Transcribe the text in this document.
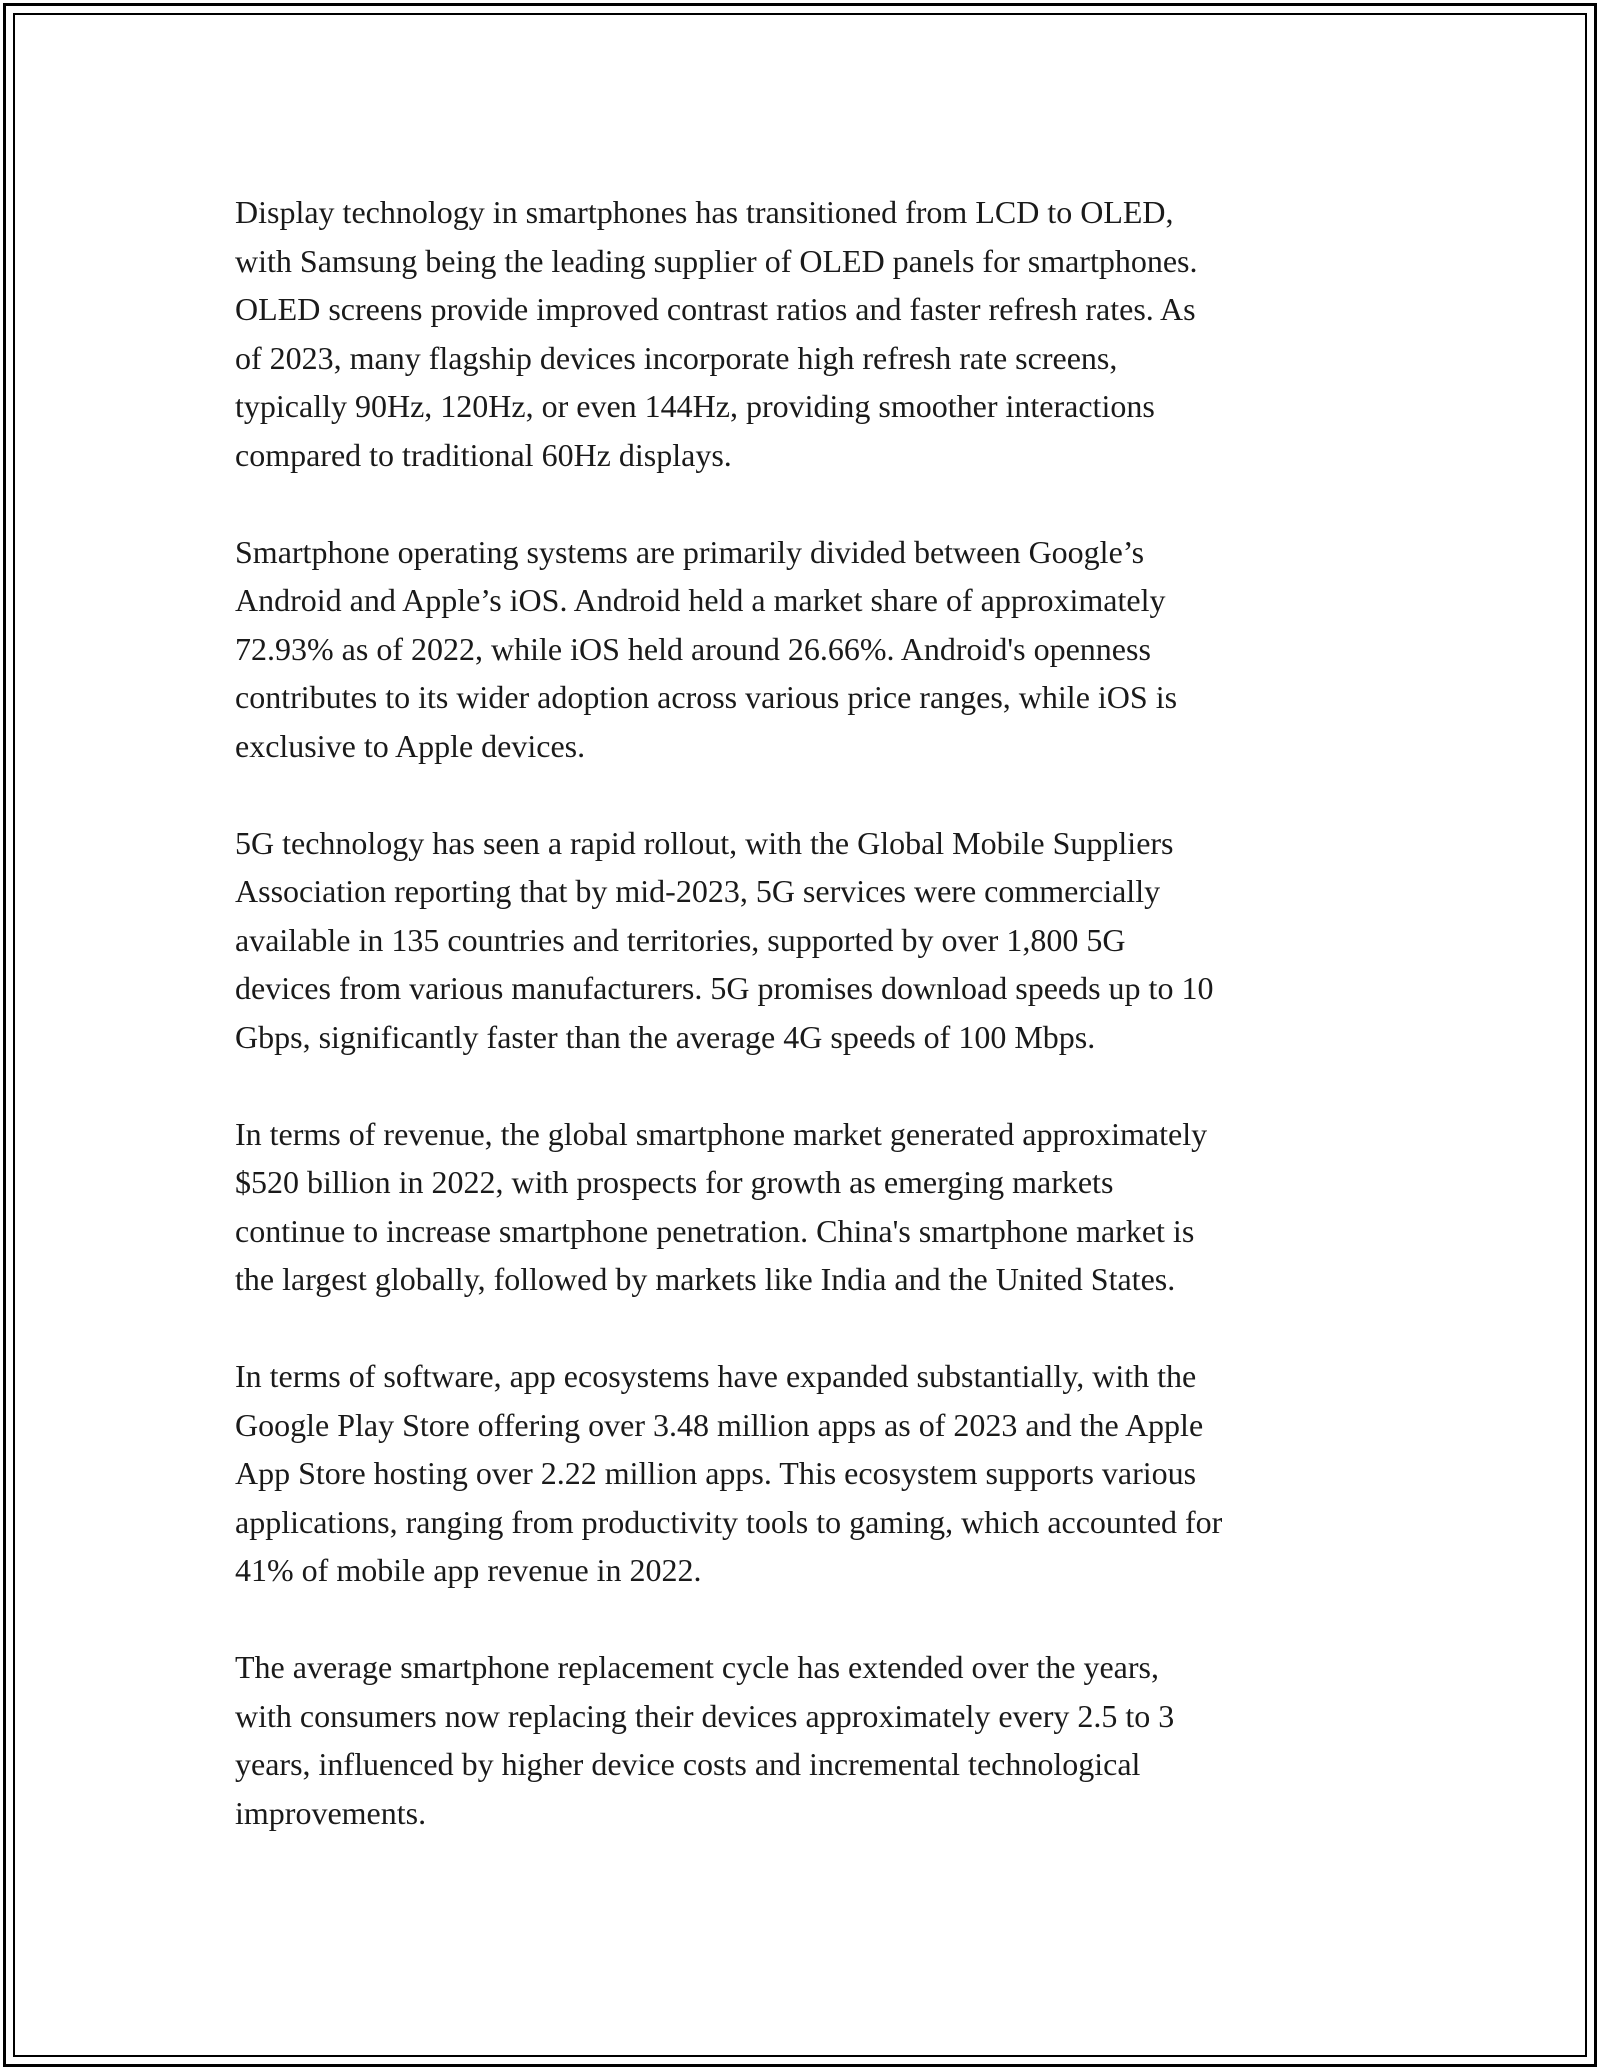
Display technology in smartphones has transitioned from LCD to OLED,
with Samsung being the leading supplier of OLED panels for smartphones.
OLED screens provide improved contrast ratios and faster refresh rates. As
of 2023, many flagship devices incorporate high refresh rate screens,
typically 90Hz, 120Hz, or even 144Hz, providing smoother interactions
compared to traditional 60Hz displays.

Smartphone operating systems are primarily divided between Google’s
Android and Apple’s iOS. Android held a market share of approximately
72.93% as of 2022, while iOS held around 26.66%. Android's openness
contributes to its wider adoption across various price ranges, while iOS is
exclusive to Apple devices.

5G technology has seen a rapid rollout, with the Global Mobile Suppliers
Association reporting that by mid-2023, 5G services were commercially
available in 135 countries and territories, supported by over 1,800 5G
devices from various manufacturers. 5G promises download speeds up to 10
Gbps, significantly faster than the average 4G speeds of 100 Mbps.

In terms of revenue, the global smartphone market generated approximately
$520 billion in 2022, with prospects for growth as emerging markets
continue to increase smartphone penetration. China's smartphone market is
the largest globally, followed by markets like India and the United States.

In terms of software, app ecosystems have expanded substantially, with the
Google Play Store offering over 3.48 million apps as of 2023 and the Apple
App Store hosting over 2.22 million apps. This ecosystem supports various
applications, ranging from productivity tools to gaming, which accounted for
41% of mobile app revenue in 2022.

The average smartphone replacement cycle has extended over the years,
with consumers now replacing their devices approximately every 2.5 to 3
years, influenced by higher device costs and incremental technological
improvements.
